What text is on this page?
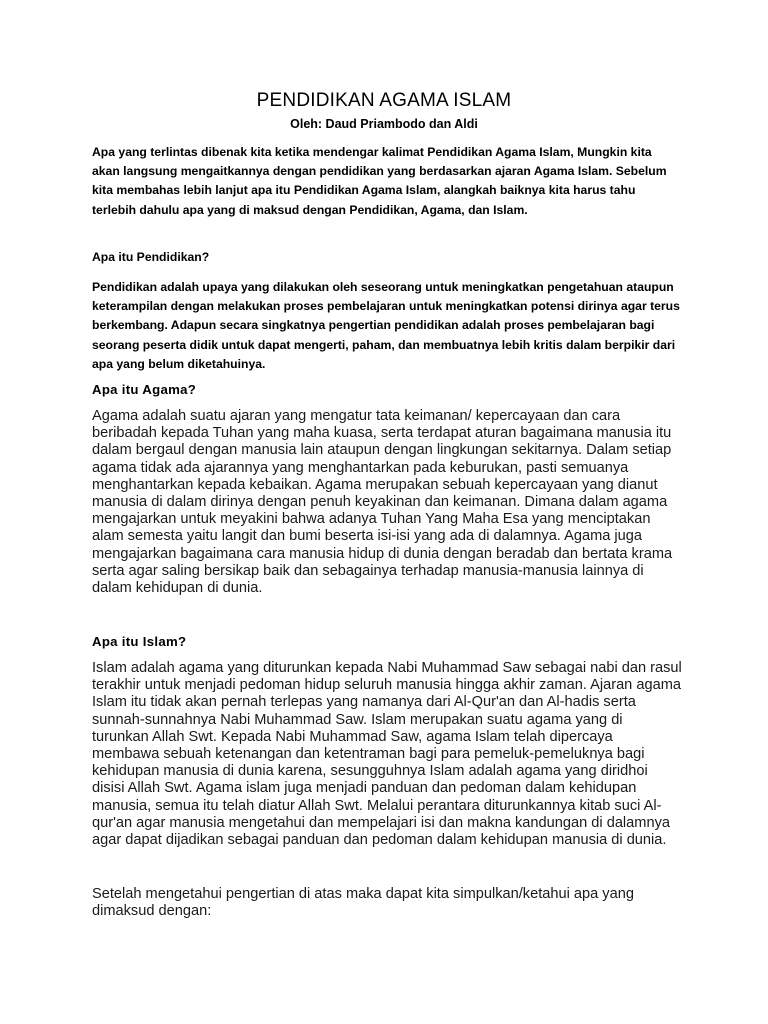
PENDIDIKAN AGAMA ISLAM

Oleh: Daud Priambodo dan Aldi

Apa yang terlintas dibenak kita ketika mendengar kalimat Pendidikan Agama Islam, Mungkin kita akan langsung mengaitkannya dengan pendidikan yang berdasarkan ajaran Agama Islam. Sebelum kita membahas lebih lanjut apa itu Pendidikan Agama Islam, alangkah baiknya kita harus tahu terlebih dahulu apa yang di maksud dengan Pendidikan, Agama, dan Islam.

Apa itu Pendidikan?

Pendidikan adalah upaya yang dilakukan oleh seseorang untuk meningkatkan pengetahuan ataupun keterampilan dengan melakukan proses pembelajaran untuk meningkatkan potensi dirinya agar terus berkembang. Adapun secara singkatnya pengertian pendidikan adalah proses pembelajaran bagi seorang peserta didik untuk dapat mengerti, paham, dan membuatnya lebih kritis dalam berpikir dari apa yang belum diketahuinya.

Apa itu Agama?

Agama adalah suatu ajaran yang mengatur tata keimanan/ kepercayaan dan cara beribadah kepada Tuhan yang maha kuasa, serta terdapat aturan bagaimana manusia itu dalam bergaul dengan manusia lain ataupun dengan lingkungan sekitarnya. Dalam setiap agama tidak ada ajarannya yang menghantarkan pada keburukan, pasti semuanya menghantarkan kepada kebaikan. Agama merupakan sebuah kepercayaan yang dianut manusia di dalam dirinya dengan penuh keyakinan dan keimanan. Dimana dalam agama mengajarkan untuk meyakini bahwa adanya Tuhan Yang Maha Esa yang menciptakan alam semesta yaitu langit dan bumi beserta isi-isi yang ada di dalamnya. Agama juga mengajarkan bagaimana cara manusia hidup di dunia dengan beradab dan bertata krama serta agar saling bersikap baik dan sebagainya terhadap manusia-manusia lainnya di dalam kehidupan di dunia.

Apa itu Islam?

Islam adalah agama yang diturunkan kepada Nabi Muhammad Saw sebagai nabi dan rasul terakhir untuk menjadi pedoman hidup seluruh manusia hingga akhir zaman. Ajaran agama Islam itu tidak akan pernah terlepas yang namanya dari Al-Qur'an dan Al-hadis serta sunnah-sunnahnya Nabi Muhammad Saw. Islam merupakan suatu agama yang di turunkan Allah Swt. Kepada Nabi Muhammad Saw, agama Islam telah dipercaya membawa sebuah ketenangan dan ketentraman bagi para pemeluk-pemeluknya bagi kehidupan manusia di dunia karena, sesungguhnya Islam adalah agama yang diridhoi disisi Allah Swt. Agama islam juga menjadi panduan dan pedoman dalam kehidupan manusia, semua itu telah diatur Allah Swt. Melalui perantara diturunkannya kitab suci Al-qur'an agar manusia mengetahui dan mempelajari isi dan makna kandungan di dalamnya agar dapat dijadikan sebagai panduan dan pedoman dalam kehidupan manusia di dunia.

Setelah mengetahui pengertian di atas maka dapat kita simpulkan/ketahui apa yang dimaksud dengan:
